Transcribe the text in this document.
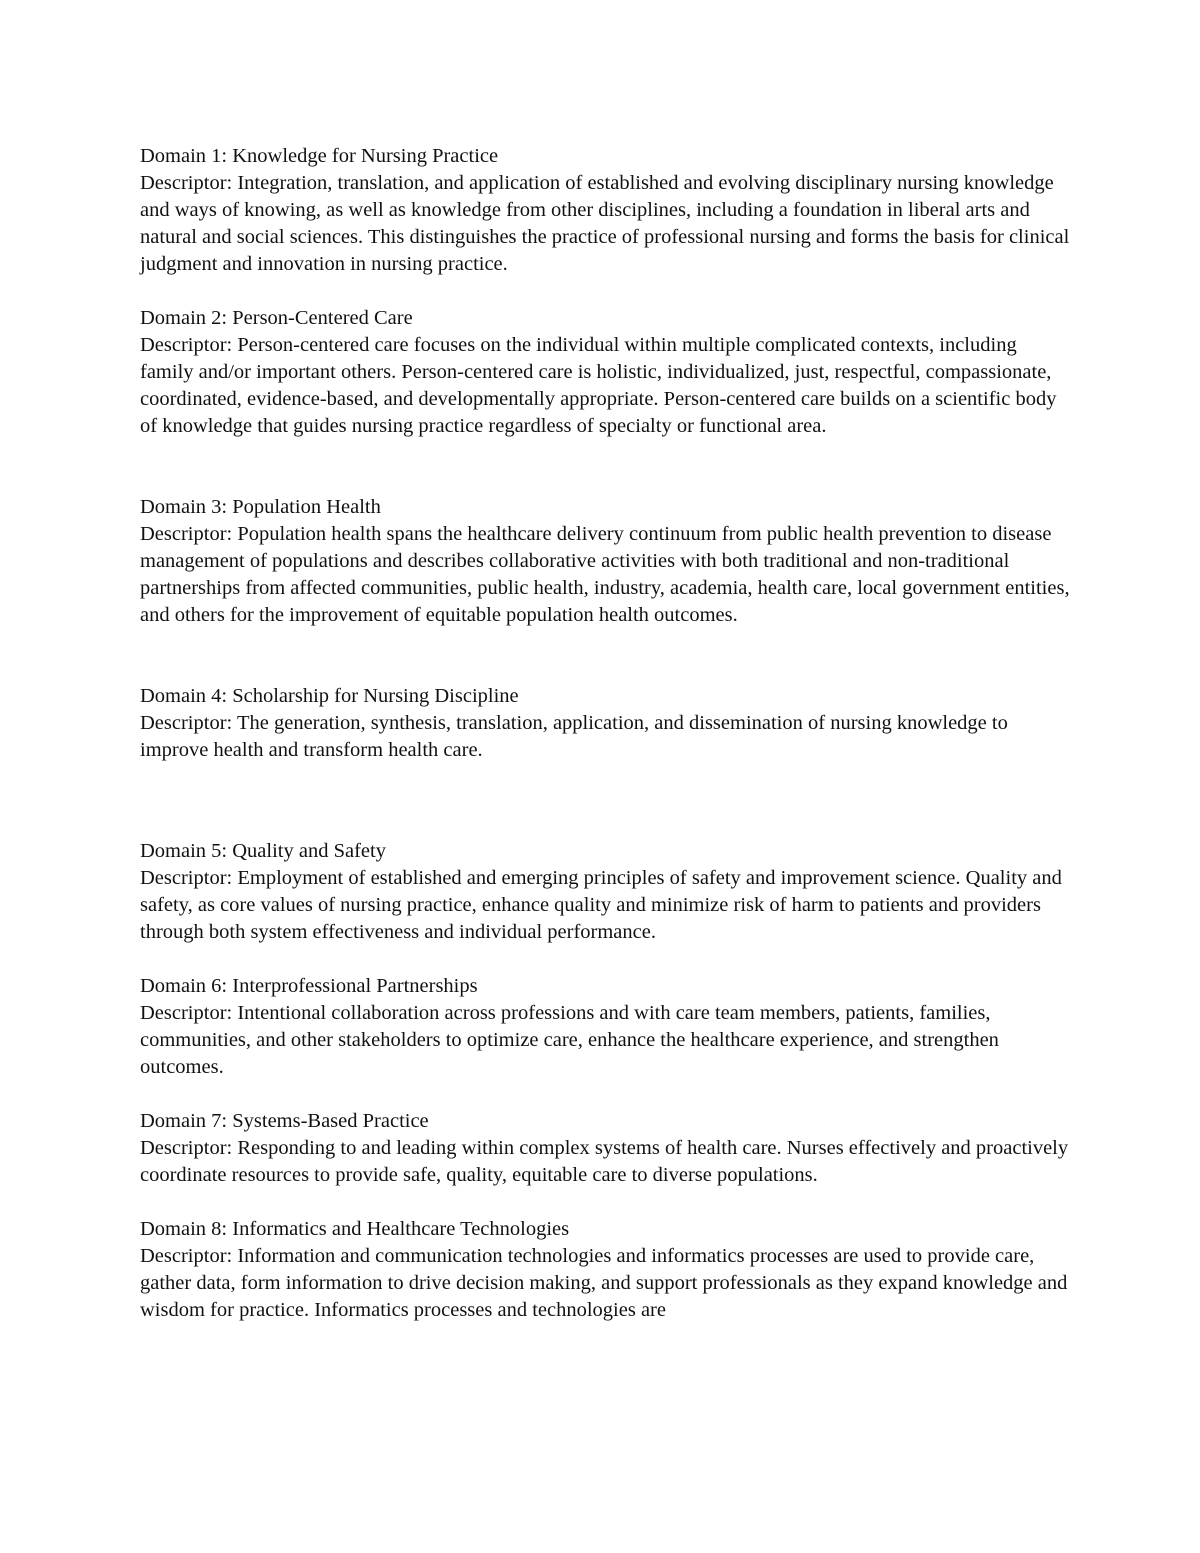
Domain 1: Knowledge for Nursing Practice
Descriptor: Integration, translation, and application of established and evolving disciplinary nursing knowledge and ways of knowing, as well as knowledge from other disciplines, including a foundation in liberal arts and natural and social sciences. This distinguishes the practice of professional nursing and forms the basis for clinical judgment and innovation in nursing practice.
Domain 2: Person-Centered Care
Descriptor: Person-centered care focuses on the individual within multiple complicated contexts, including family and/or important others. Person-centered care is holistic, individualized, just, respectful, compassionate, coordinated, evidence-based, and developmentally appropriate. Person-centered care builds on a scientific body of knowledge that guides nursing practice regardless of specialty or functional area.
Domain 3: Population Health
Descriptor: Population health spans the healthcare delivery continuum from public health prevention to disease management of populations and describes collaborative activities with both traditional and non-traditional partnerships from affected communities, public health, industry, academia, health care, local government entities, and others for the improvement of equitable population health outcomes.
Domain 4: Scholarship for Nursing Discipline
Descriptor: The generation, synthesis, translation, application, and dissemination of nursing knowledge to improve health and transform health care.
Domain 5: Quality and Safety
Descriptor: Employment of established and emerging principles of safety and improvement science. Quality and safety, as core values of nursing practice, enhance quality and minimize risk of harm to patients and providers through both system effectiveness and individual performance.
Domain 6: Interprofessional Partnerships
Descriptor: Intentional collaboration across professions and with care team members, patients, families, communities, and other stakeholders to optimize care, enhance the healthcare experience, and strengthen outcomes.
Domain 7: Systems-Based Practice
Descriptor: Responding to and leading within complex systems of health care. Nurses effectively and proactively coordinate resources to provide safe, quality, equitable care to diverse populations.
Domain 8: Informatics and Healthcare Technologies
Descriptor: Information and communication technologies and informatics processes are used to provide care, gather data, form information to drive decision making, and support professionals as they expand knowledge and wisdom for practice. Informatics processes and technologies are
